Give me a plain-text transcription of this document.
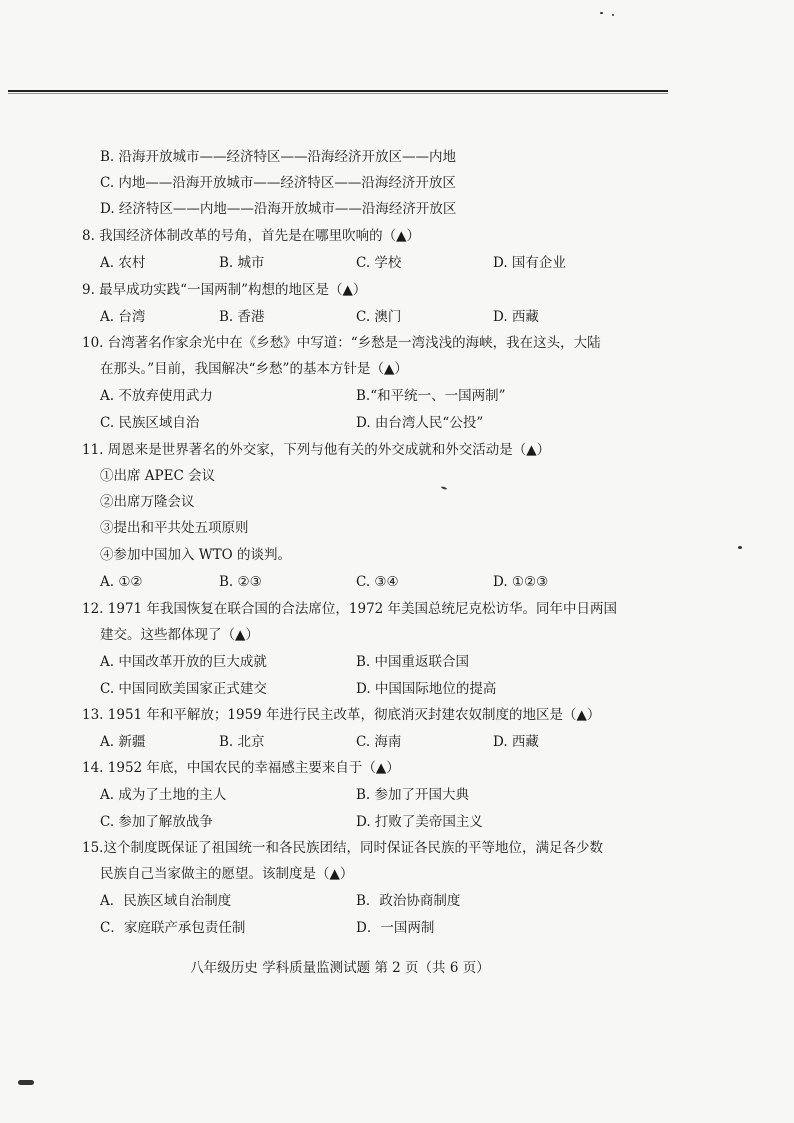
B. 沿海开放城市——经济特区——沿海经济开放区——内地
C. 内地——沿海开放城市——经济特区——沿海经济开放区
D. 经济特区——内地——沿海开放城市——沿海经济开放区
8. 我国经济体制改革的号角，首先是在哪里吹响的（▲）
A. 农村	B. 城市	C. 学校	D. 国有企业
9. 最早成功实践“一国两制”构想的地区是（▲）
A. 台湾	B. 香港	C. 澳门	D. 西藏
10. 台湾著名作家余光中在《乡愁》中写道：“乡愁是一湾浅浅的海峡，我在这头，大陆
在那头。”目前，我国解决“乡愁”的基本方针是（▲）
A. 不放弃使用武力	B.“和平统一、一国两制”
C. 民族区域自治	D. 由台湾人民“公投”
11. 周恩来是世界著名的外交家，下列与他有关的外交成就和外交活动是（▲）
①出席 APEC 会议
②出席万隆会议
③提出和平共处五项原则
④参加中国加入 WTO 的谈判。
A. ①②	B. ②③	C. ③④	D. ①②③
12. 1971 年我国恢复在联合国的合法席位，1972 年美国总统尼克松访华。同年中日两国
建交。这些都体现了（▲）
A. 中国改革开放的巨大成就	B. 中国重返联合国
C. 中国同欧美国家正式建交	D. 中国国际地位的提高
13. 1951 年和平解放；1959 年进行民主改革，彻底消灭封建农奴制度的地区是（▲）
A. 新疆	B. 北京	C. 海南	D. 西藏
14. 1952 年底，中国农民的幸福感主要来自于（▲）
A. 成为了土地的主人	B. 参加了开国大典
C. 参加了解放战争	D. 打败了美帝国主义
15.这个制度既保证了祖国统一和各民族团结，同时保证各民族的平等地位，满足各少数
民族自己当家做主的愿望。该制度是（▲）
A．民族区域自治制度	B．政治协商制度
C．家庭联产承包责任制	D．一国两制
八年级历史 学科质量监测试题 第 2 页（共 6 页）
